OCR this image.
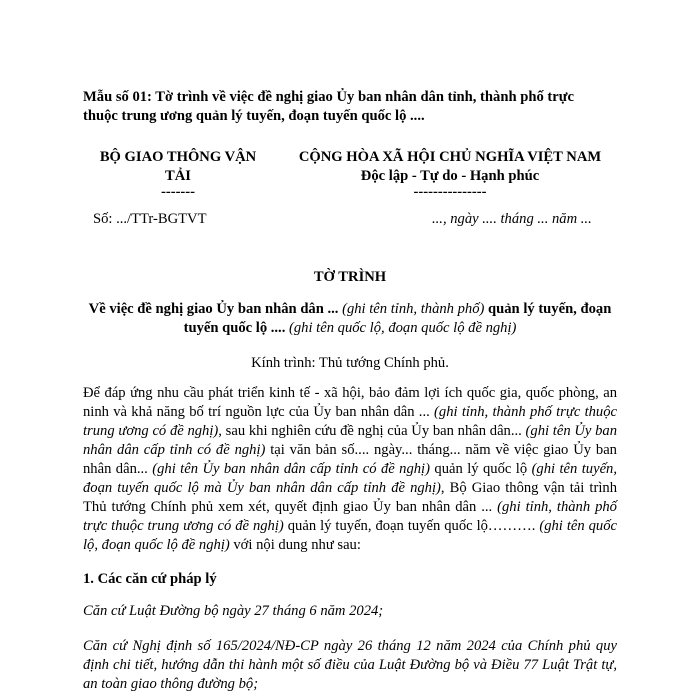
Mẫu số 01: Tờ trình về việc đề nghị giao Ủy ban nhân dân tỉnh, thành phố trực

thuộc trung ương quản lý tuyến, đoạn tuyến quốc lộ ....

BỘ GIAO THÔNG VẬN

TẢI

-------

Số: .../TTr-BGTVT

CỘNG HÒA XÃ HỘI CHỦ NGHĨA VIỆT NAM

Độc lập - Tự do - Hạnh phúc

---------------

..., ngày .... tháng ... năm ...

TỜ TRÌNH

Về việc đề nghị giao Ủy ban nhân dân ... (ghi tên tỉnh, thành phố) quản lý tuyến, đoạn
tuyến quốc lộ .... (ghi tên quốc lộ, đoạn quốc lộ đề nghị)

Kính trình: Thủ tướng Chính phủ.

Để đáp ứng nhu cầu phát triển kinh tế - xã hội, bảo đảm lợi ích quốc gia, quốc phòng, an ninh và khả năng bố trí nguồn lực của Ủy ban nhân dân ... (ghi tỉnh, thành phố trực thuộc trung ương có đề nghị), sau khi nghiên cứu đề nghị của Ủy ban nhân dân... (ghi tên Ủy ban nhân dân cấp tỉnh có đề nghị) tại văn bản số.... ngày... tháng... năm về việc giao Ủy ban nhân dân... (ghi tên Ủy ban nhân dân cấp tỉnh có đề nghị) quản lý quốc lộ (ghi tên tuyến, đoạn tuyến quốc lộ mà Ủy ban nhân dân cấp tỉnh đề nghị), Bộ Giao thông vận tải trình Thủ tướng Chính phủ xem xét, quyết định giao Ủy ban nhân dân ... (ghi tỉnh, thành phố trực thuộc trung ương có đề nghị) quản lý tuyến, đoạn tuyến quốc lộ………. (ghi tên quốc lộ, đoạn quốc lộ đề nghị) với nội dung như sau:

1. Các căn cứ pháp lý

Căn cứ Luật Đường bộ ngày 27 tháng 6 năm 2024;

Căn cứ Nghị định số 165/2024/NĐ-CP ngày 26 tháng 12 năm 2024 của Chính phủ quy định chi tiết, hướng dẫn thi hành một số điều của Luật Đường bộ và Điều 77 Luật Trật tự, an toàn giao thông đường bộ;
